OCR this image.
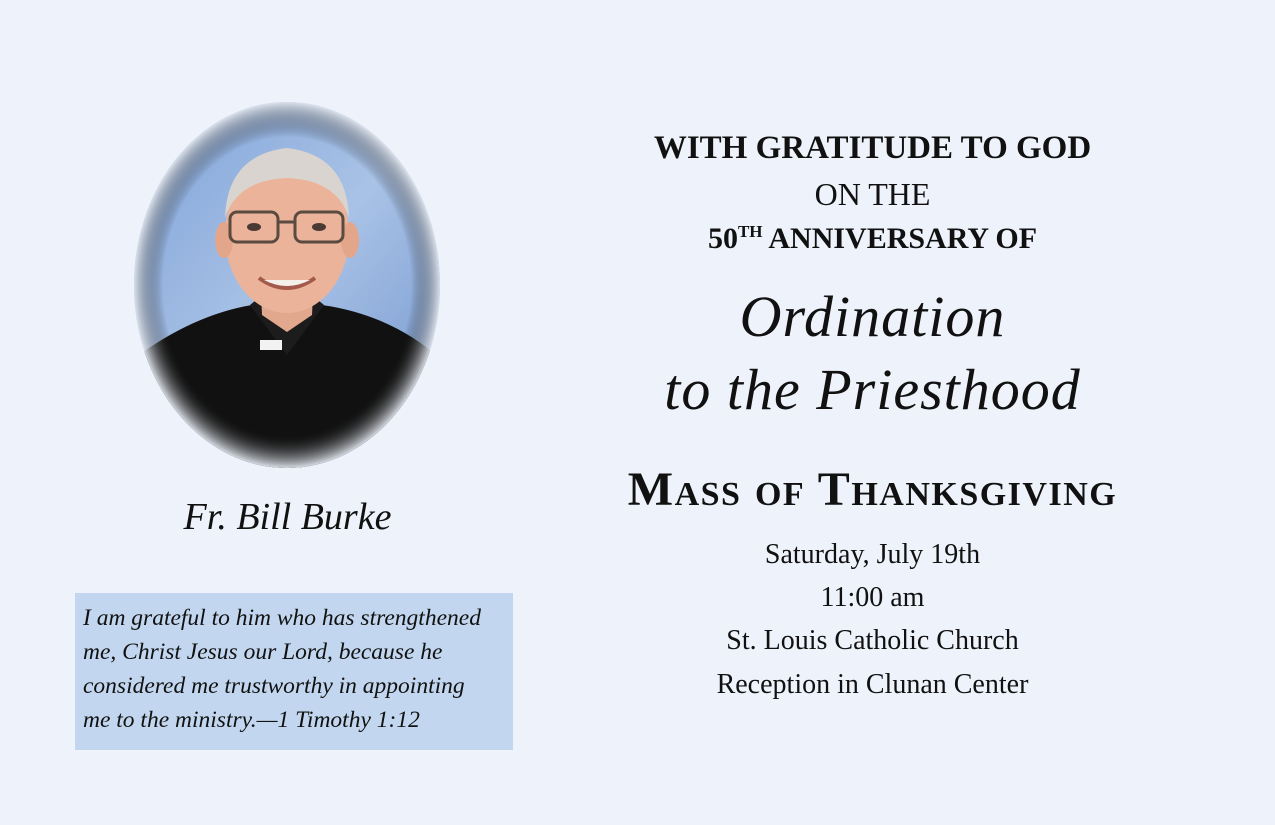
Fr. Bill Burke

I am grateful to him who has strengthened
me, Christ Jesus our Lord, because he
considered me trustworthy in appointing
me to the ministry.—1 Timothy 1:12

WITH GRATITUDE TO GOD
ON THE
50TH ANNIVERSARY OF
Ordination
to the Priesthood
Mass of Thanksgiving
Saturday, July 19th
11:00 am
St. Louis Catholic Church
Reception in Clunan Center
